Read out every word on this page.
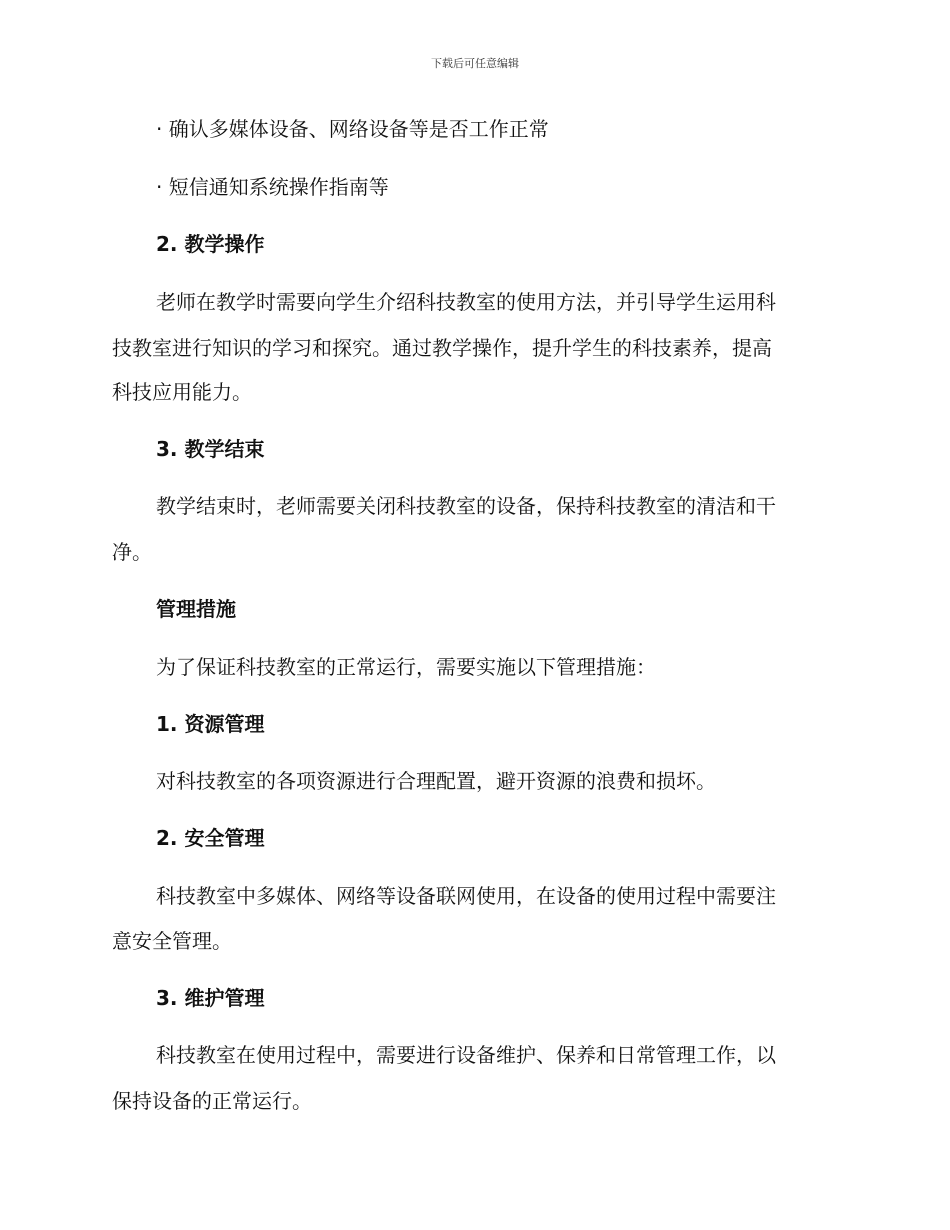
下载后可任意编辑
· 确认多媒体设备、网络设备等是否工作正常
· 短信通知系统操作指南等
2. 教学操作
老师在教学时需要向学生介绍科技教室的使用方法，并引导学生运用科
技教室进行知识的学习和探究。通过教学操作，提升学生的科技素养，提高
科技应用能力。
3. 教学结束
教学结束时，老师需要关闭科技教室的设备，保持科技教室的清洁和干
净。
管理措施
为了保证科技教室的正常运行，需要实施以下管理措施：
1. 资源管理
对科技教室的各项资源进行合理配置，避开资源的浪费和损坏。
2. 安全管理
科技教室中多媒体、网络等设备联网使用，在设备的使用过程中需要注
意安全管理。
3. 维护管理
科技教室在使用过程中，需要进行设备维护、保养和日常管理工作，以
保持设备的正常运行。
